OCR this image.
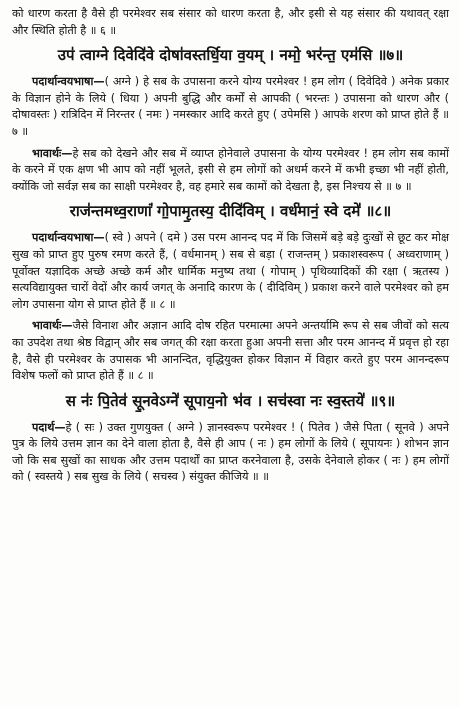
को धारण करता है वैसे ही परमेश्वर सब संसार को धारण करता है, और इसी से यह संसार की यथावत् रक्षा और स्थिति होती है ॥ ६ ॥

उप॑ त्वाग्ने दिवेदि॑वे दोषा॑वस्तर्धि॒या व॒यम् । नमो॒ भर॑न्त॒ एम॑सि ॥७॥

पदार्थान्वयभाषा—( अग्ने ) हे सब के उपासना करने योग्य परमेश्वर ! हम लोग ( दिवेदिवे ) अनेक प्रकार के विज्ञान होने के लिये ( धिया ) अपनी बुद्धि और कर्मों से आपकी ( भरन्तः ) उपासना को धारण और ( दोषावस्तः ) रात्रिदिन में निरन्तर ( नमः ) नमस्कार आदि करते हुए ( उपेमसि ) आपके शरण को प्राप्त होते हैं ॥ ७ ॥

भावार्थः—हे सब को देखने और सब में व्याप्त होनेवाले उपासना के योग्य परमेश्वर ! हम लोग सब कामों के करने में एक क्षण भी आप को नहीं भूलते, इसी से हम लोगों को अधर्म करने में कभी इच्छा भी नहीं होती, क्योंकि जो सर्वज्ञ सब का साक्षी परमेश्वर है, वह हमारे सब कामों को देखता है, इस निश्चय से ॥ ७ ॥

राज॑न्तमध्व॒राणां॑ गो॒पामृ॒तस्य॒ दीदि॑विम् । वर्ध॑मानं॒ स्वे दमे॑ ॥८॥

पदार्थान्वयभाषा—( स्वे ) अपने ( दमे ) उस परम आनन्द पद में कि जिसमें बड़े बड़े दुःखों से छूट कर मोक्ष सुख को प्राप्त हुए पुरुष रमण करते हैं, ( वर्धमानम् ) सब से बड़ा ( राजन्तम् ) प्रकाशस्वरूप ( अध्वराणाम् ) पूर्वोक्त यज्ञादिक अच्छे अच्छे कर्म और धार्मिक मनुष्य तथा ( गोपाम् ) पृथिव्यादिकों की रक्षा ( ऋतस्य ) सत्यविद्यायुक्त चारों वेदों और कार्य जगत् के अनादि कारण के ( दीदिविम् ) प्रकाश करने वाले परमेश्वर को हम लोग उपासना योग से प्राप्त होते हैं ॥ ८ ॥

भावार्थः—जैसे विनाश और अज्ञान आदि दोष रहित परमात्मा अपने अन्तर्यामि रूप से सब जीवों को सत्य का उपदेश तथा श्रेष्ठ विद्वान् और सब जगत् की रक्षा करता हुआ अपनी सत्ता और परम आनन्द में प्रवृत्त हो रहा है, वैसे ही परमेश्वर के उपासक भी आनन्दित, वृद्धियुक्त होकर विज्ञान में विहार करते हुए परम आनन्दरूप विशेष फलों को प्राप्त होते हैं ॥ ८ ॥

स नः॑ पि॒तेव॑ सू॒नवेऽग्ने॑ सूपाय॒नो भ॑व । सच॑स्वा नः स्व॒स्तये॑ ॥९॥

पदार्थ—हे ( सः ) उक्त गुणयुक्त ( अग्ने ) ज्ञानस्वरूप परमेश्वर ! ( पितेव ) जैसे पिता ( सूनवे ) अपने पुत्र के लिये उत्तम ज्ञान का देने वाला होता है, वैसे ही आप ( नः ) हम लोगों के लिये ( सूपायनः ) शोभन ज्ञान जो कि सब सुखों का साधक और उत्तम पदार्थों का प्राप्त करनेवाला है, उसके देनेवाले होकर ( नः ) हम लोगों को ( स्वस्तये ) सब सुख के लिये ( सचस्व ) संयुक्त कीजिये ॥ ॥
